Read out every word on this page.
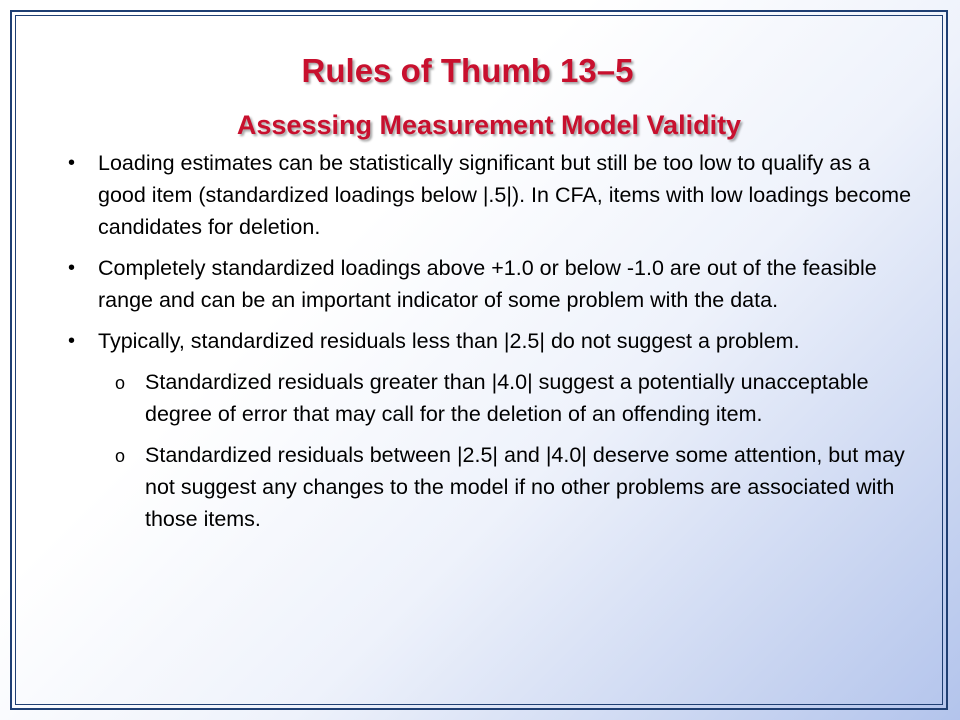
Rules of Thumb 13–5
Assessing Measurement Model Validity
• Loading estimates can be statistically significant but still be too low to qualify as a good item (standardized loadings below |.5|). In CFA, items with low loadings become candidates for deletion.
• Completely standardized loadings above +1.0 or below -1.0 are out of the feasible range and can be an important indicator of some problem with the data.
• Typically, standardized residuals less than |2.5| do not suggest a problem.
o Standardized residuals greater than |4.0| suggest a potentially unacceptable degree of error that may call for the deletion of an offending item.
o Standardized residuals between |2.5| and |4.0| deserve some attention, but may not suggest any changes to the model if no other problems are associated with those items.
